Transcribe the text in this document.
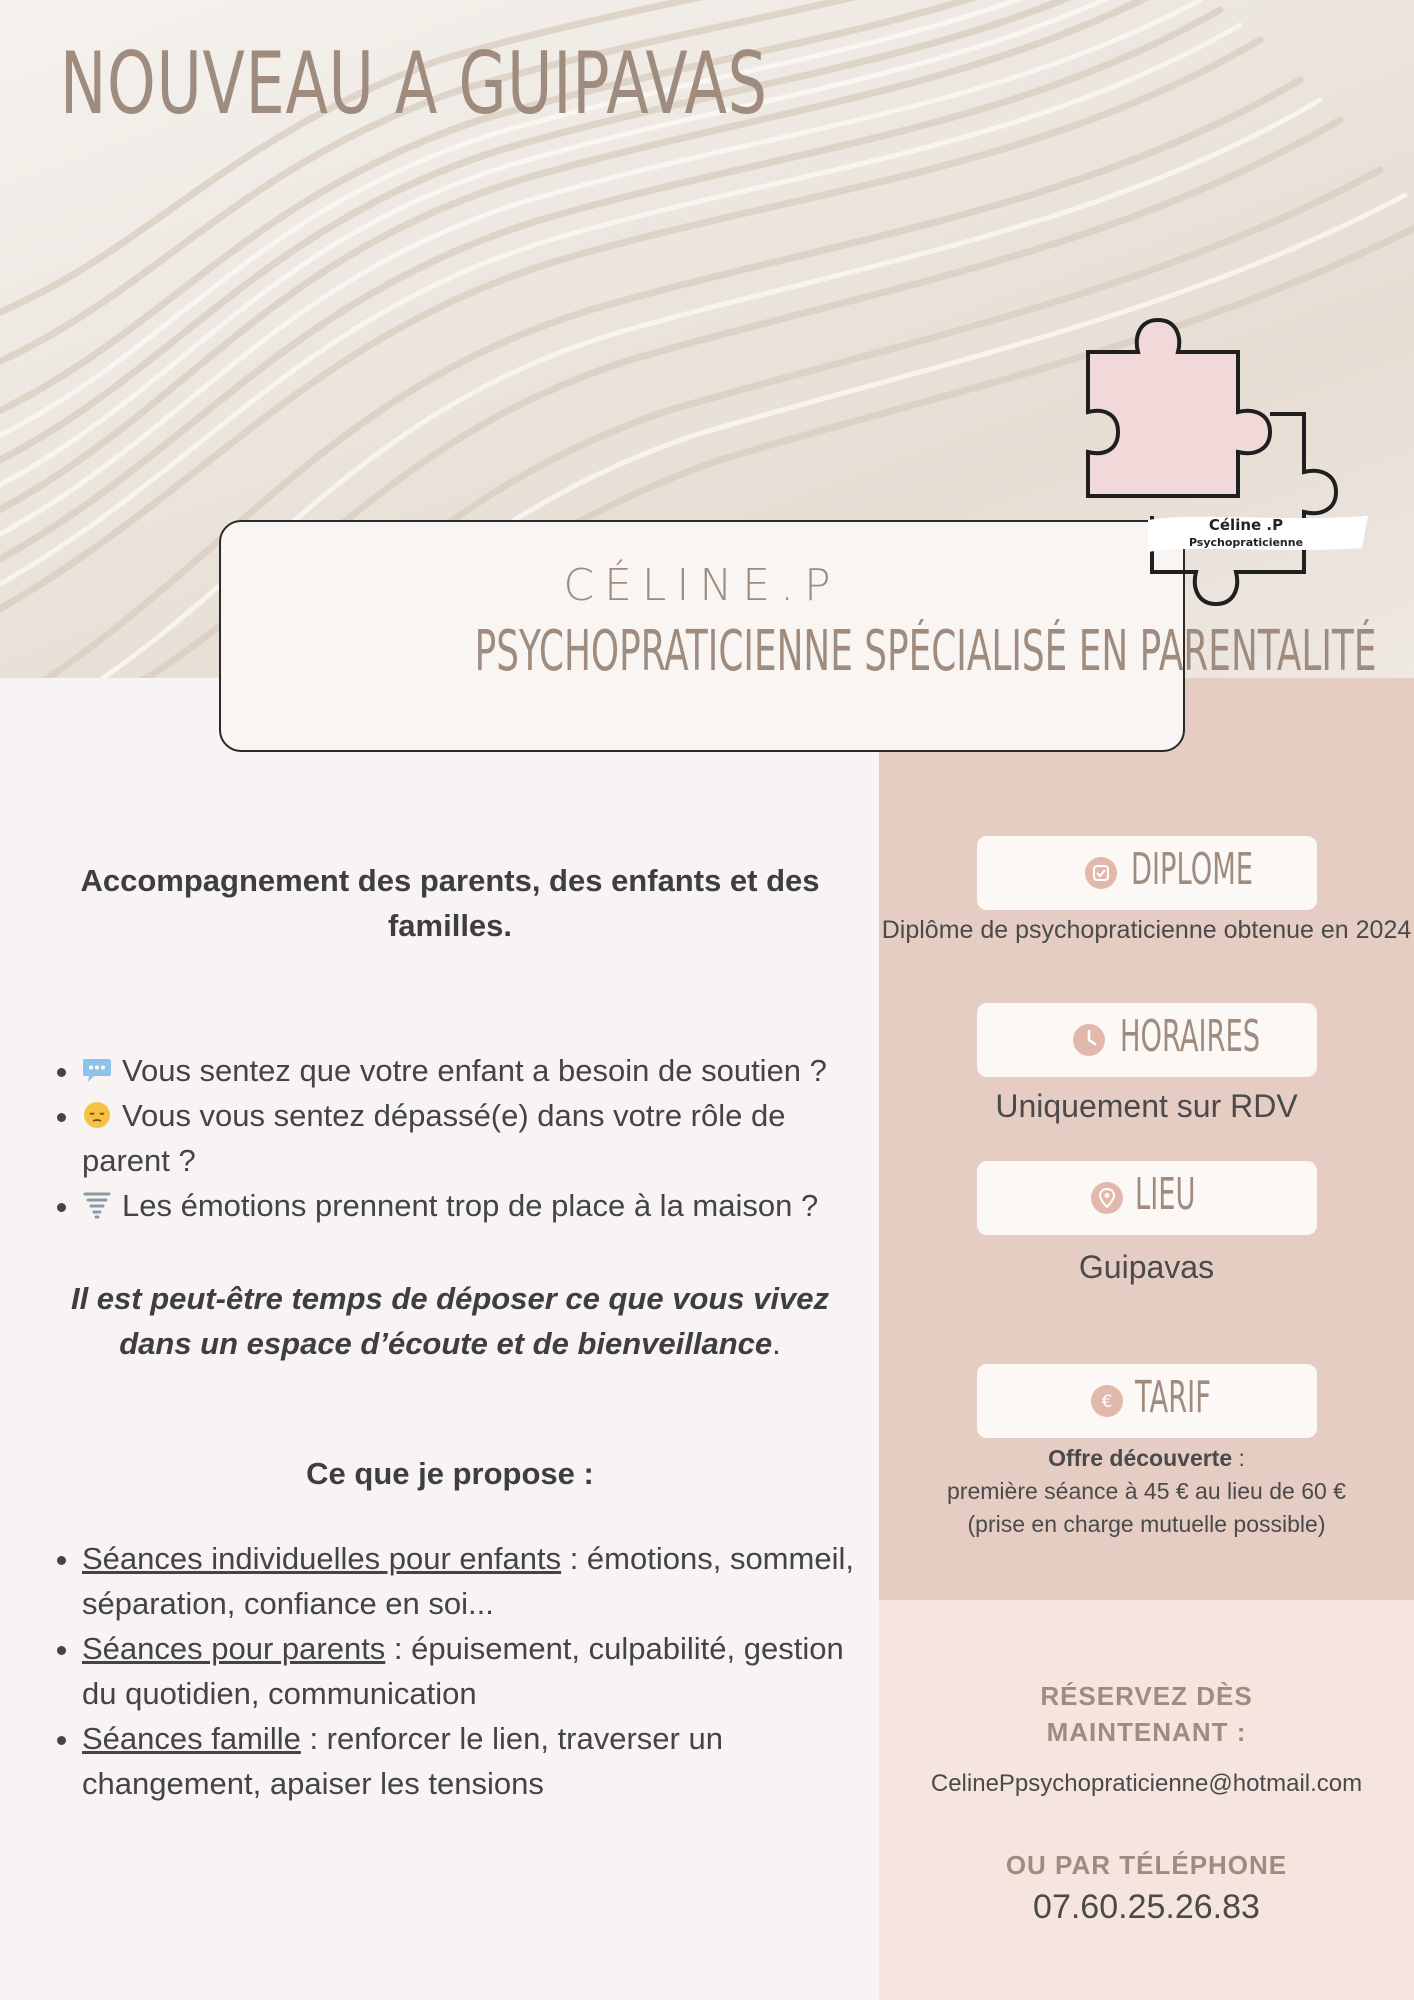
NOUVEAU A GUIPAVAS
CÉLINE.P
PSYCHOPRATICIENNE SPÉCIALISÉ EN PARENTALITÉ
Céline .P
Psychopraticienne

Accompagnement des parents, des enfants et des familles.

• Vous sentez que votre enfant a besoin de soutien ?
• Vous vous sentez dépassé(e) dans votre rôle de parent ?
• Les émotions prennent trop de place à la maison ?

Il est peut-être temps de déposer ce que vous vivez dans un espace d’écoute et de bienveillance.

Ce que je propose :

• Séances individuelles pour enfants : émotions, sommeil, séparation, confiance en soi...
• Séances pour parents : épuisement, culpabilité, gestion du quotidien, communication
• Séances famille : renforcer le lien, traverser un changement, apaiser les tensions
DIPLOME
Diplôme de psychopraticienne obtenue en 2024
HORAIRES
Uniquement sur RDV
LIEU
Guipavas
€ TARIF
Offre découverte :
première séance à 45 € au lieu de 60 €
(prise en charge mutuelle possible)
RÉSERVEZ DÈS MAINTENANT :
CelinePpsychopraticienne@hotmail.com
OU PAR TÉLÉPHONE
07.60.25.26.83
